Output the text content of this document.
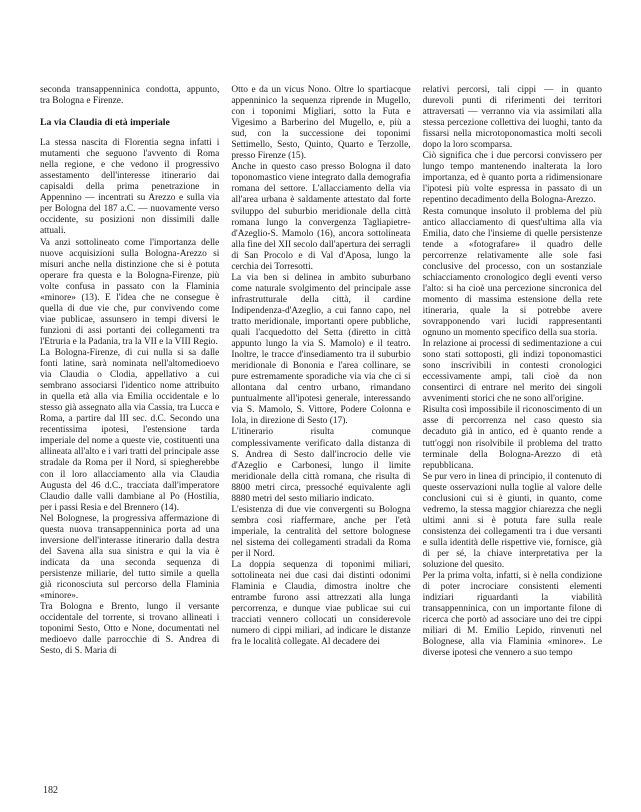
seconda transappenninica condotta, appunto, tra Bologna e Firenze.

La via Claudia di età imperiale

La stessa nascita di Florentia segna infatti i mutamenti che seguono l'avvento di Roma nella regione, e che vedono il progressivo assestamento dell'interesse itinerario dai capisaldi della prima penetrazione in Appennino — incentrati su Arezzo e sulla via per Bologna del 187 a.C. — nuovamente verso occidente, su posizioni non dissimili dalle attuali.

Va anzi sottolineato come l'importanza delle nuove acquisizioni sulla Bologna-Arezzo si misuri anche nella distinzione che si è potuta operare fra questa e la Bologna-Firenze, più volte confusa in passato con la Flaminia «minore» (13). E l'idea che ne consegue è quella di due vie che, pur convivendo come viae publicae, assunsero in tempi diversi le funzioni di assi portanti dei collegamenti tra l'Etruria e la Padania, tra la VII e la VIII Regio.

La Bologna-Firenze, di cui nulla si sa dalle fonti latine, sarà nominata nell'altomedioevo via Claudia o Clodia, appellativo a cui sembrano associarsi l'identico nome attribuito in quella età alla via Emilia occidentale e lo stesso già assegnato alla via Cassia, tra Lucca e Roma, a partire dal III sec. d.C. Secondo una recentissima ipotesi, l'estensione tarda imperiale del nome a queste vie, costituenti una allineata all'alto e i vari tratti del principale asse stradale da Roma per il Nord, si spiegherebbe con il loro allacciamento alla via Claudia Augusta del 46 d.C., tracciata dall'imperatore Claudio dalle valli dambiane al Po (Hostilia, per i passi Resia e del Brennero (14).

Nel Bolognese, la progressiva affermazione di questa nuova transappenninica porta ad una inversione dell'interasse itinerario dalla destra del Savena alla sua sinistra e qui la via è indicata da una seconda sequenza di persistenze miliarie, del tutto simile a quella già riconosciuta sul percorso della Flaminia «minore».

Tra Bologna e Brento, lungo il versante occidentale del torrente, si trovano allineati i toponimi Sesto, Otto e None, documentati nel medioevo dalle parrocchie di S. Andrea di Sesto, di S. Maria di

Otto e da un vicus Nono. Oltre lo spartiacque appenninico la sequenza riprende in Mugello, con i toponimi Migliari, sotto la Futa e Vigesimo a Barberino del Mugello, e, più a sud, con la successione dei toponimi Settimello, Sesto, Quinto, Quarto e Terzolle, presso Firenze (15).

Anche in questo caso presso Bologna il dato toponomastico viene integrato dalla demografia romana del settore. L'allacciamento della via all'area urbana è saldamente attestato dal forte sviluppo del suburbio meridionale della città romana lungo la convergenza Tagliapietre-d'Azeglio-S. Mamolo (16), ancora sottolineata alla fine del XII secolo dall'apertura dei serragli di San Procolo e di Val d'Aposa, lungo la cerchia dei Torresotti.

La via ben si delinea in ambito suburbano come naturale svolgimento del principale asse infrastrutturale della città, il cardine Indipendenza-d'Azeglio, a cui fanno capo, nel tratto meridionale, importanti opere pubbliche, quali l'acquedotto del Setta (diretto in città appunto lungo la via S. Mamolo) e il teatro. Inoltre, le tracce d'insediamento tra il suburbio meridionale di Bononia e l'area collinare, se pure estremamente sporadiche via via che ci si allontana dal centro urbano, rimandano puntualmente all'ipotesi generale, interessando via S. Mamolo, S. Vittore, Podere Colonna e Iola, in direzione di Sesto (17).

L'itinerario risulta comunque complessivamente verificato dalla distanza di S. Andrea di Sesto dall'incrocio delle vie d'Azeglio e Carbonesi, lungo il limite meridionale della città romana, che risulta di 8800 metri circa, pressoché equivalente agli 8880 metri del sesto miliario indicato.

L'esistenza di due vie convergenti su Bologna sembra così riaffermare, anche per l'età imperiale, la centralità del settore bolognese nel sistema dei collegamenti stradali da Roma per il Nord.

La doppia sequenza di toponimi miliari, sottolineata nei due casi dai distinti odonimi Flaminia e Claudia, dimostra inoltre che entrambe furono assi attrezzati alla lunga percorrenza, e dunque viae publicae sui cui tracciati vennero collocati un considerevole numero di cippi miliari, ad indicare le distanze fra le località collegate. Al decadere dei

relativi percorsi, tali cippi — in quanto durevoli punti di riferimenti dei territori attraversati — verranno via via assimilati alla stessa percezione collettiva dei luoghi, tanto da fissarsi nella microtoponomastica molti secoli dopo la loro scomparsa.

Ciò significa che i due percorsi convissero per lungo tempo mantenendo inalterata la loro importanza, ed è quanto porta a ridimensionare l'ipotesi più volte espressa in passato di un repentino decadimento della Bologna-Arezzo.

Resta comunque insoluto il problema del più antico allacciamento di quest'ultima alla via Emilia, dato che l'insieme di quelle persistenze tende a «fotografare» il quadro delle percorrenze relativamente alle sole fasi conclusive del processo, con un sostanziale schiacciamento cronologico degli eventi verso l'alto: si ha cioè una percezione sincronica del momento di massima estensione della rete itineraria, quale la si potrebbe avere sovrapponendo vari lucidi rappresentanti ognuno un momento specifico della sua storia.

In relazione ai processi di sedimentazione a cui sono stati sottoposti, gli indizi toponomastici sono inscrivibili in contesti cronologici eccessivamente ampi, tali cioè da non consentirci di entrare nel merito dei singoli avvenimenti storici che ne sono all'origine.

Risulta così impossibile il riconoscimento di un asse di percorrenza nel caso questo sia decaduto già in antico, ed è quanto rende a tutt'oggi non risolvibile il problema del tratto terminale della Bologna-Arezzo di età repubblicana.

Se pur vero in linea di principio, il contenuto di queste osservazioni nulla toglie al valore delle conclusioni cui si è giunti, in quanto, come vedremo, la stessa maggior chiarezza che negli ultimi anni si è potuta fare sulla reale consistenza dei collegamenti tra i due versanti e sulla identità delle rispettive vie, fornisce, già di per sé, la chiave interpretativa per la soluzione del quesito.

Per la prima volta, infatti, si è nella condizione di poter incrociare consistenti elementi indiziari riguardanti la viabilità transappenninica, con un importante filone di ricerca che portò ad associare uno dei tre cippi miliari di M. Emilio Lepido, rinvenuti nel Bolognese, alla via Flaminia «minore». Le diverse ipotesi che vennero a suo tempo

182
